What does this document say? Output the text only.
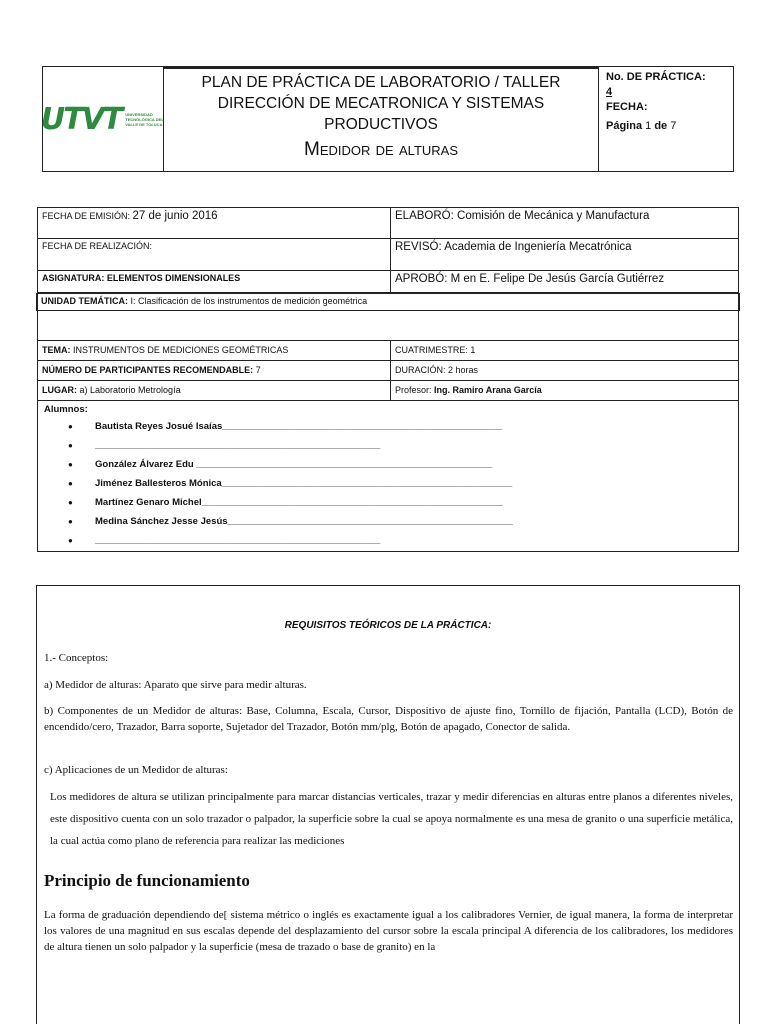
UTVT UNIVERSIDAD TECNOLÓGICA DEL VALLE DE TOLUCA
PLAN DE PRÁCTICA DE LABORATORIO / TALLER
DIRECCIÓN DE MECATRONICA Y SISTEMAS
PRODUCTIVOS
Medidor de alturas
No. DE PRÁCTICA:
4
FECHA:
Página 1 de 7
FECHA DE EMISIÓN: 27 de junio 2016	ELABORÓ: Comisión de Mecánica y Manufactura
FECHA DE REALIZACIÓN:	REVISÓ: Academia de Ingeniería Mecatrónica
ASIGNATURA: ELEMENTOS DIMENSIONALES	APROBÓ: M en E. Felipe De Jesús García Gutiérrez
UNIDAD TEMÁTICA: I: Clasificación de los instrumentos de medición geométrica
TEMA: INSTRUMENTOS DE MEDICIONES GEOMÉTRICAS	CUATRIMESTRE: 1
NÚMERO DE PARTICIPANTES RECOMENDABLE: 7	DURACIÓN: 2 horas
LUGAR: a) Laboratorio Metrología	Profesor: Ing. Ramiro Arana García
Alumnos:
●	Bautista Reyes Josué Isaías_____________________________________________________
●	______________________________________________________
●	González Álvarez Edu ________________________________________________________
●	Jiménez Ballesteros Mónica_______________________________________________________
●	Martínez Genaro Michel_________________________________________________________
●	Medina Sánchez Jesse Jesús______________________________________________________
●	______________________________________________________
REQUISITOS TEÓRICOS DE LA PRÁCTICA:
1.- Conceptos:
a) Medidor de alturas: Aparato que sirve para medir alturas.
b) Componentes de un Medidor de alturas: Base, Columna, Escala, Cursor, Dispositivo de ajuste fino, Tornillo de fijación, Pantalla (LCD), Botón de encendido/cero, Trazador, Barra soporte, Sujetador del Trazador, Botón mm/plg, Botón de apagado, Conector de salida.
c) Aplicaciones de un Medidor de alturas:
Los medidores de altura se utilizan principalmente para marcar distancias verticales, trazar y medir diferencias en alturas entre planos a diferentes niveles, este dispositivo cuenta con un solo trazador o palpador, la superficie sobre la cual se apoya normalmente es una mesa de granito o una superficie metálica, la cual actúa como plano de referencia para realizar las mediciones
Principio de funcionamiento
La forma de graduación dependiendo de[ sistema métrico o inglés es exactamente igual a los calibradores Vernier, de igual manera, la forma de interpretar los valores de una magnitud en sus escalas depende del desplazamiento del cursor sobre la escala principal A diferencia de los calibradores, los medidores de altura tienen un solo palpador y la superficie (mesa de trazado o base de granito) en la
